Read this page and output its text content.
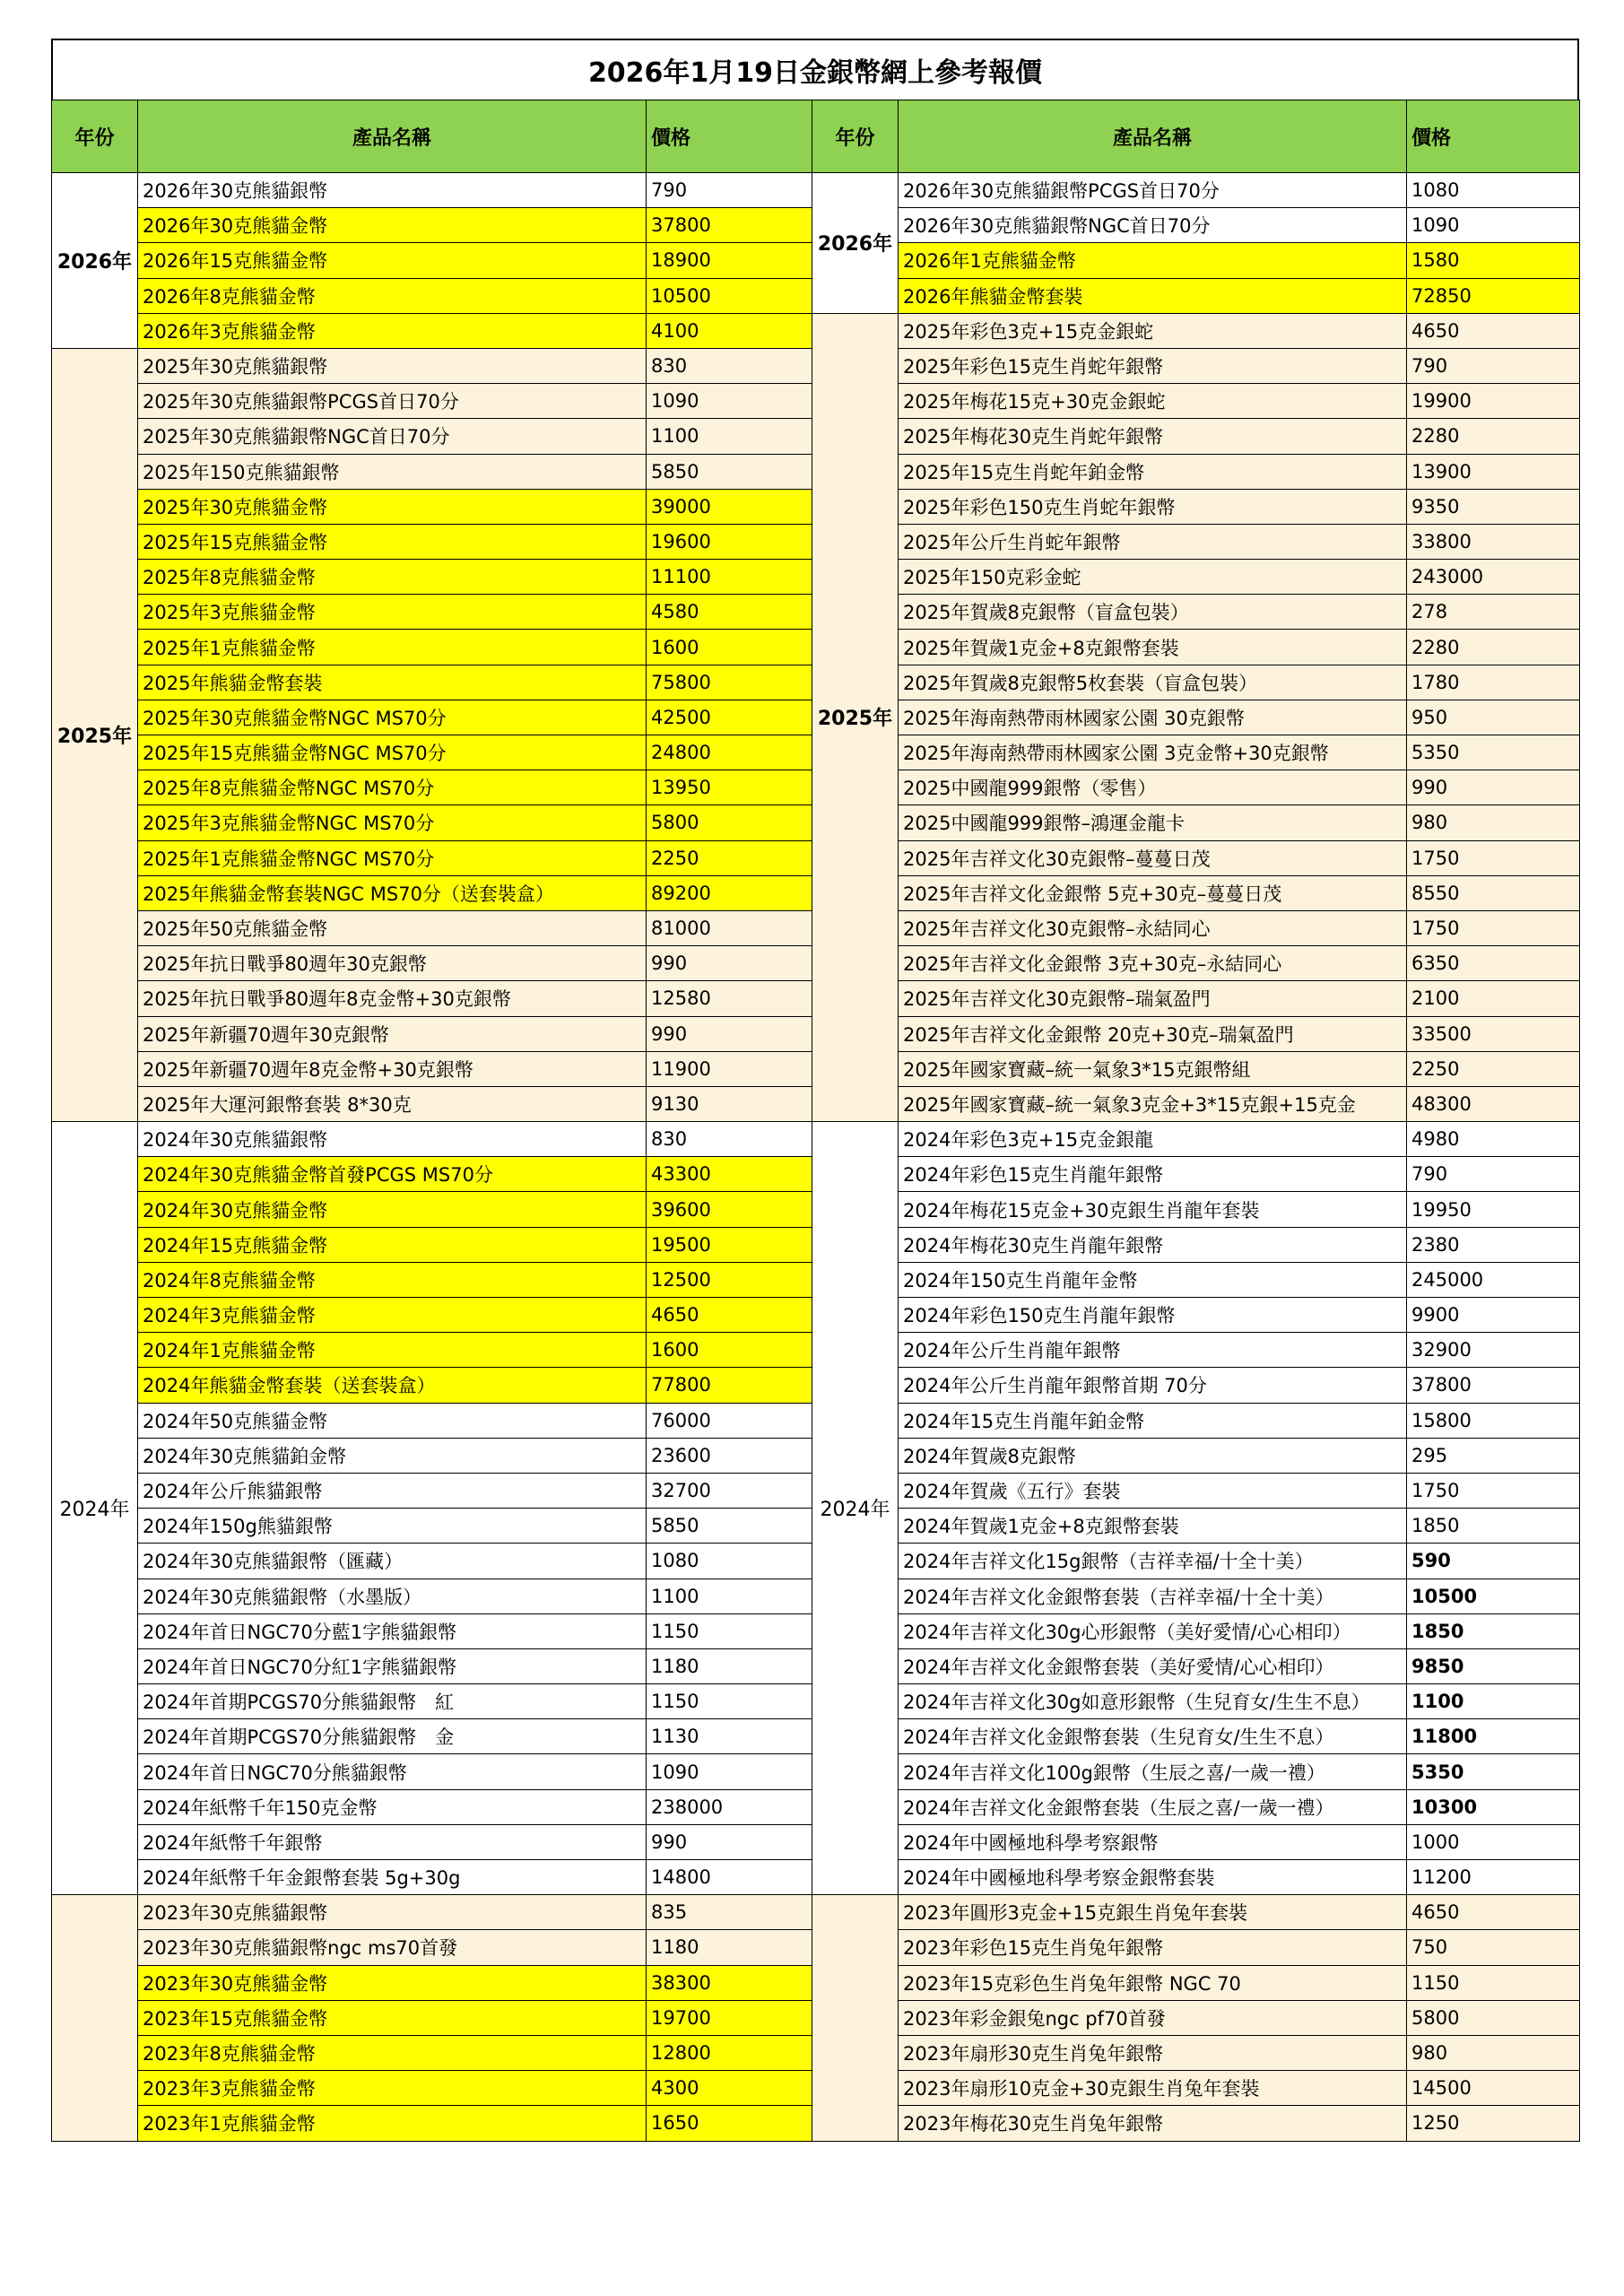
2026年1月19日金銀幣網上參考報價
年份	產品名稱	價格	年份	產品名稱	價格
2026年	2026年30克熊貓銀幣	790	2026年	2026年30克熊貓銀幣PCGS首日70分	1080
	2026年30克熊貓金幣	37800		2026年30克熊貓銀幣NGC首日70分	1090
	2026年15克熊貓金幣	18900		2026年1克熊貓金幣	1580
	2026年8克熊貓金幣	10500		2026年熊貓金幣套裝	72850
	2026年3克熊貓金幣	4100	2025年	2025年彩色3克+15克金銀蛇	4650
2025年	2025年30克熊貓銀幣	830		2025年彩色15克生肖蛇年銀幣	790
	2025年30克熊貓銀幣PCGS首日70分	1090		2025年梅花15克+30克金銀蛇	19900
	2025年30克熊貓銀幣NGC首日70分	1100		2025年梅花30克生肖蛇年銀幣	2280
	2025年150克熊貓銀幣	5850		2025年15克生肖蛇年鉑金幣	13900
	2025年30克熊貓金幣	39000		2025年彩色150克生肖蛇年銀幣	9350
	2025年15克熊貓金幣	19600		2025年公斤生肖蛇年銀幣	33800
	2025年8克熊貓金幣	11100		2025年150克彩金蛇	243000
	2025年3克熊貓金幣	4580		2025年賀歲8克銀幣（盲盒包裝）	278
	2025年1克熊貓金幣	1600		2025年賀歲1克金+8克銀幣套裝	2280
	2025年熊貓金幣套裝	75800		2025年賀歲8克銀幣5枚套裝（盲盒包裝）	1780
	2025年30克熊貓金幣NGC MS70分	42500		2025年海南熱帶雨林國家公園 30克銀幣	950
	2025年15克熊貓金幣NGC MS70分	24800		2025年海南熱帶雨林國家公園 3克金幣+30克銀幣	5350
	2025年8克熊貓金幣NGC MS70分	13950		2025中國龍999銀幣（零售）	990
	2025年3克熊貓金幣NGC MS70分	5800		2025中國龍999銀幣–鴻運金龍卡	980
	2025年1克熊貓金幣NGC MS70分	2250		2025年吉祥文化30克銀幣–蔓蔓日茂	1750
	2025年熊貓金幣套裝NGC MS70分（送套裝盒）	89200		2025年吉祥文化金銀幣 5克+30克–蔓蔓日茂	8550
	2025年50克熊貓金幣	81000		2025年吉祥文化30克銀幣–永結同心	1750
	2025年抗日戰爭80週年30克銀幣	990		2025年吉祥文化金銀幣 3克+30克–永結同心	6350
	2025年抗日戰爭80週年8克金幣+30克銀幣	12580		2025年吉祥文化30克銀幣–瑞氣盈門	2100
	2025年新疆70週年30克銀幣	990		2025年吉祥文化金銀幣 20克+30克–瑞氣盈門	33500
	2025年新疆70週年8克金幣+30克銀幣	11900		2025年國家寶藏–統一氣象3*15克銀幣組	2250
	2025年大運河銀幣套裝 8*30克	9130		2025年國家寶藏–統一氣象3克金+3*15克銀+15克金	48300
2024年	2024年30克熊貓銀幣	830	2024年	2024年彩色3克+15克金銀龍	4980
	2024年30克熊貓金幣首發PCGS MS70分	43300		2024年彩色15克生肖龍年銀幣	790
	2024年30克熊貓金幣	39600		2024年梅花15克金+30克銀生肖龍年套裝	19950
	2024年15克熊貓金幣	19500		2024年梅花30克生肖龍年銀幣	2380
	2024年8克熊貓金幣	12500		2024年150克生肖龍年金幣	245000
	2024年3克熊貓金幣	4650		2024年彩色150克生肖龍年銀幣	9900
	2024年1克熊貓金幣	1600		2024年公斤生肖龍年銀幣	32900
	2024年熊貓金幣套裝（送套裝盒）	77800		2024年公斤生肖龍年銀幣首期 70分	37800
	2024年50克熊貓金幣	76000		2024年15克生肖龍年鉑金幣	15800
	2024年30克熊貓鉑金幣	23600		2024年賀歲8克銀幣	295
	2024年公斤熊貓銀幣	32700		2024年賀歲《五行》套裝	1750
	2024年150g熊貓銀幣	5850		2024年賀歲1克金+8克銀幣套裝	1850
	2024年30克熊貓銀幣（匯藏）	1080		2024年吉祥文化15g銀幣（吉祥幸福/十全十美）	590
	2024年30克熊貓銀幣（水墨版）	1100		2024年吉祥文化金銀幣套裝（吉祥幸福/十全十美）	10500
	2024年首日NGC70分藍1字熊貓銀幣	1150		2024年吉祥文化30g心形銀幣（美好愛情/心心相印）	1850
	2024年首日NGC70分紅1字熊貓銀幣	1180		2024年吉祥文化金銀幣套裝（美好愛情/心心相印）	9850
	2024年首期PCGS70分熊貓銀幣　紅	1150		2024年吉祥文化30g如意形銀幣（生兒育女/生生不息）	1100
	2024年首期PCGS70分熊貓銀幣　金	1130		2024年吉祥文化金銀幣套裝（生兒育女/生生不息）	11800
	2024年首日NGC70分熊貓銀幣	1090		2024年吉祥文化100g銀幣（生辰之喜/一歲一禮）	5350
	2024年紙幣千年150克金幣	238000		2024年吉祥文化金銀幣套裝（生辰之喜/一歲一禮）	10300
	2024年紙幣千年銀幣	990		2024年中國極地科學考察銀幣	1000
	2024年紙幣千年金銀幣套裝 5g+30g	14800		2024年中國極地科學考察金銀幣套裝	11200
	2023年30克熊貓銀幣	835		2023年圓形3克金+15克銀生肖兔年套裝	4650
	2023年30克熊貓銀幣ngc ms70首發	1180		2023年彩色15克生肖兔年銀幣	750
	2023年30克熊貓金幣	38300		2023年15克彩色生肖兔年銀幣 NGC 70	1150
	2023年15克熊貓金幣	19700		2023年彩金銀兔ngc pf70首發	5800
	2023年8克熊貓金幣	12800		2023年扇形30克生肖兔年銀幣	980
	2023年3克熊貓金幣	4300		2023年扇形10克金+30克銀生肖兔年套裝	14500
	2023年1克熊貓金幣	1650		2023年梅花30克生肖兔年銀幣	1250
